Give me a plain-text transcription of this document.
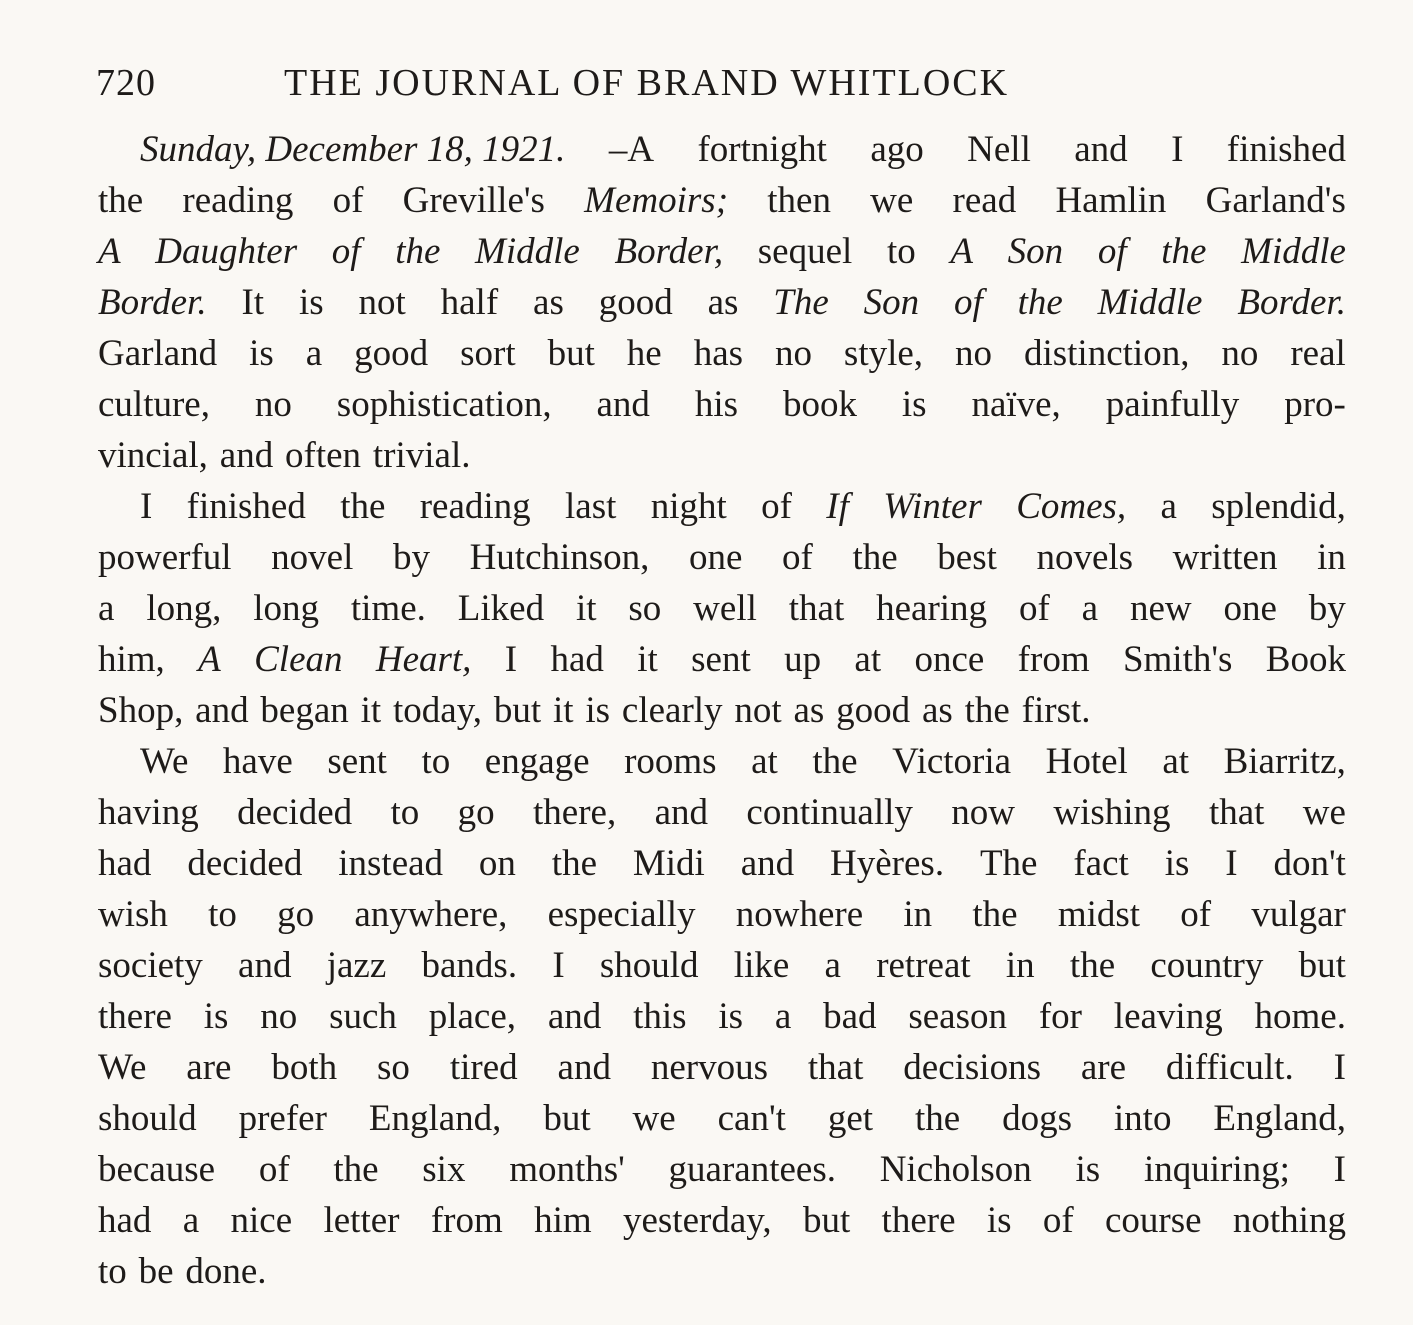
720	THE JOURNAL OF BRAND WHITLOCK
Sunday, December 18, 1921. –A fortnight ago Nell and I finished
the reading of Greville's Memoirs; then we read Hamlin Garland's
A Daughter of the Middle Border, sequel to A Son of the Middle
Border. It is not half as good as The Son of the Middle Border.
Garland is a good sort but he has no style, no distinction, no real
culture, no sophistication, and his book is naïve, painfully pro-
vincial, and often trivial.
I finished the reading last night of If Winter Comes, a splendid,
powerful novel by Hutchinson, one of the best novels written in
a long, long time. Liked it so well that hearing of a new one by
him, A Clean Heart, I had it sent up at once from Smith's Book
Shop, and began it today, but it is clearly not as good as the first.
We have sent to engage rooms at the Victoria Hotel at Biarritz,
having decided to go there, and continually now wishing that we
had decided instead on the Midi and Hyères. The fact is I don't
wish to go anywhere, especially nowhere in the midst of vulgar
society and jazz bands. I should like a retreat in the country but
there is no such place, and this is a bad season for leaving home.
We are both so tired and nervous that decisions are difficult. I
should prefer England, but we can't get the dogs into England,
because of the six months' guarantees. Nicholson is inquiring; I
had a nice letter from him yesterday, but there is of course nothing
to be done.
